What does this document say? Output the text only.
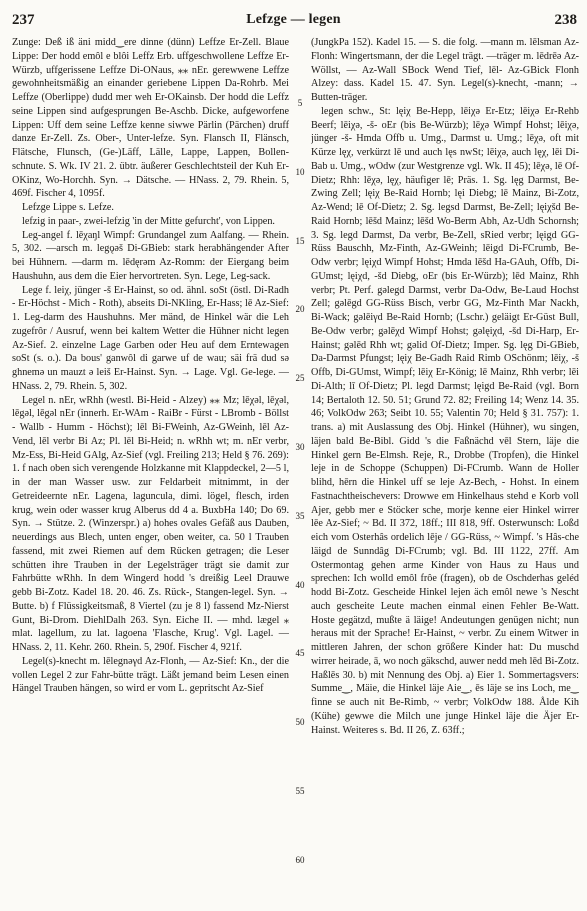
237	Lefzge — legen	238

Zunge: Deß iß äni midd‿ere dinne (dünn) Leffze Er-Zell. Blaue Lippe: Der hodd emôl e blôi Leffz Erb. uffgeschwollene Leffze Er-Würzb, uffgerissene Leffze Di-ONaus, ⁎⁎ nEr. gerewwene Leffze gewohnheitsmäßig an einander geriebene Lippen Da-Rohrb. Mei Leffze (Oberlippe) dudd mer weh Er-OKainsb. Der hodd die Leffz seine Lippen sind aufgesprungen Be-Aschb. Dicke, aufgeworfene Lippen: Uff dem seine Leffze kenne siwwe Pärlin (Pärchen) druff danze Er-Zell. Zs. Ober-, Unter-lefze. Syn. Flansch II, Flänsch, Flätsche, Flunsch, (Ge-)Läff, Lälle, Lappe, Lappen, Bollen-schnute. S. Wk. IV 21. 2. übtr. äußerer Geschlechtsteil der Kuh Er-OKinz, Wo-Horchh. Syn. → Dätsche. — HNass. 2, 79. Rhein. 5, 469f. Fischer 4, 1095f.

Lefzge Lippe s. Lefze.

lefzig in paar-, zwei-lefzig 'in der Mitte gefurcht', von Lippen.

Leg-angel f. lēχaŋl Wimpf: Grundangel zum Aalfang. — Rhein. 5, 302. —arsch m. legǫəš Di-GBieb: stark herabhängender After bei Hühnern. —darm m. lēdęrəm Az-Romm: der Eiergang beim Haushuhn, aus dem die Eier hervortreten. Syn. Lege, Leg-sack.

Lege f. leiχ, jünger -š Er-Hainst, so od. ähnl. soSt (östl. Di-Radh - Er-Höchst - Mich - Roth), abseits Di-NKling, Er-Hass; lē Az-Sief: 1. Leg-darm des Haushuhns. Mer mänd, de Hinkel wär die Leh zugefrôr / Ausruf, wenn bei kaltem Wetter die Hühner nicht legen Az-Sief. 2. einzelne Lage Garben oder Heu auf dem Erntewagen soSt (s. o.). Da bous' ganwôl di garwe uf de wau; säi frä dud sə ghnemə un mauzt ə leiš Er-Hainst. Syn. → Lage. Vgl. Ge-lege. — HNass. 2, 79. Rhein. 5, 302.

Legel n. nEr, wRhh (westl. Bi-Heid - Alzey) ⁎⁎ Mz; lēχəl, lēχəl, lēgəl, lēgəl nEr (innerh. Er-WAm - RaiBr - Fürst - LBromb - Böllst - Wallb - Humm - Höchst); lēl Bi-FWeinh, Az-GWeinh, lēl Az-Vend, lēl verbr Bi Az; Pl. lēl Bi-Heid; n. wRhh wt; m. nEr verbr, Mz-Ess, Bi-Heid GAlg, Az-Sief (vgl. Freiling 213; Held § 76. 269): 1. f nach oben sich verengende Holzkanne mit Klappdeckel, 2—5 l, in der man Wasser usw. zur Feldarbeit mitnimmt, in der Getreideernte nEr. Lagena, laguncula, dimi. lögel, flesch, irden krug, wein oder wasser krug Alberus dd 4 a. BuxbHa 140; Do 69. Syn. → Stütze. 2. (Winzerspr.) a) hohes ovales Gefäß aus Dauben, neuerdings aus Blech, unten enger, oben weiter, ca. 50 l Trauben fassend, mit zwei Riemen auf dem Rücken getragen; die Leser schütten ihre Trauben in der Legelsträger trägt sie damit zur Fahrbütte wRhh. In dem Wingerd hodd 's dreißig Leel Drauwe gebb Bi-Zotz. Kadel 18. 20. 46. Zs. Rück-, Stangen-legel. Syn. → Butte. b) f Flüssigkeitsmaß, 8 Viertel (zu je 8 l) fassend Mz-Nierst Gunt, Bi-Drom. DiehlDalh 263. Syn. Eiche II. — mhd. lægel ⁎ mlat. lagellum, zu lat. lagoena 'Flasche, Krug'. Vgl. Lagel. — HNass. 2, 11. Kehr. 260. Rhein. 5, 290f. Fischer 4, 921f.

Legel(s)-knecht m. lēlegnəγd Az-Flonh, — Az-Sief: Kn., der die vollen Legel 2 zur Fahr-bütte trägt. Läßt jemand beim Lesen einen Hängel Trauben hängen, so wird er vom L. gepritscht Az-Sief

5
10
15
20
25
30
35
40
45
50
55
60

(JungkPa 152). Kadel 15. — S. die folg. —mann m. lēlsman Az-Flonh: Wingertsmann, der die Legel trägt. —träger m. lēdrēə Az-Wöllst, — Az-Wall SBock Wend Tief, lēl- Az-GBick Flonh Alzey: dass. Kadel 15. 47. Syn. Legel(s)-knecht, -mann; → Butten-träger.

legen schw., St: lęiχ Be-Hepp, lēiχə Er-Etz; lēiχə Er-Rehb Beerf; lēiχə, -š- oEr (bis Be-Würzb); lēχə Wimpf Hohst; lēiχə, jünger -š- Hmda Offb u. Umg., Darmst u. Umg.; lēχə, oft mit Kürze lęχ, verkürzt lē und auch lęs nwSt; lēiχə, auch lęχ, lēi Di-Bab u. Umg., wOdw (zur Westgrenze vgl. Wk. II 45); lēχə, lē Of-Dietz; Rhh: lēχə, lęχ, häufiger lē; Präs. 1. Sg. lęg Darmst, Be-Zwing Zell; lęiχ Be-Raid Hornb; lęi Diebg; lē Mainz, Bi-Zotz, Az-Wend; lē Of-Dietz; 2. Sg. legsd Darmst, Be-Zell; lęiχšd Be-Raid Hornb; lēšd Mainz; lēšd Wo-Berm Abh, Az-Udh Schornsh; 3. Sg. legd Darmst, Da verbr, Be-Zell, sRied verbr; lęigd GG-Rüss Bauschh, Mz-Finth, Az-GWeinh; lēigd Di-FCrumb, Be-Odw verbr; lęiχd Wimpf Hohst; Hmda lēšd Ha-GAuh, Offb, Di-GUmst; lęiχd, -šd Diebg, oEr (bis Er-Würzb); lēd Mainz, Rhh verbr; Pt. Perf. gəlegd Darmst, verbr Da-Odw, Be-Laud Hochst Zell; gəlēgd GG-Rüss Bisch, verbr GG, Mz-Finth Mar Nackh, Bi-Wack; gəlēiγd Be-Raid Hornb; (Lschr.) geläigt Er-Güst Bull, Be-Odw verbr; gəlēχd Wimpf Hohst; gəlęiχd, -šd Di-Harp, Er-Hainst; gəlēd Rhh wt; gəlid Of-Dietz; Imper. Sg. lęg Di-GBieb, Da-Darmst Pfungst; lęiχ Be-Gadh Raid Rimb OSchönm; lēiχ, -š Offb, Di-GUmst, Wimpf; lēiχ Er-König; lē Mainz, Rhh verbr; lēi Di-Alth; lī Of-Dietz; Pl. legd Darmst; lęigd Be-Raid (vgl. Born 14; Bertaloth 12. 50. 51; Grund 72. 82; Freiling 14; Wenz 14. 35. 46; VolkOdw 263; Seibt 10. 55; Valentin 70; Held § 31. 757): 1. trans. a) mit Auslassung des Obj. Hinkel (Hühner), wu singen, läjen bald Be-Bibl. Gidd 's die Faßnächd vēl Stern, läje die Hinkel gern Be-Elmsh. Reje, R., Drobbe (Tropfen), die Hinkel leje in de Schoppe (Schuppen) Di-FCrumb. Wann de Holler blihd, hērn die Hinkel uff se leje Az-Bech, - Hohst. In einem Fastnachtheischevers: Drowwe em Hinkelhaus stehd e Korb voll Ajer, gebb mer e Stöcker sche, morje kenne eier Hinkel wirrer lēe Az-Sief; ~ Bd. II 372, 18ff.; III 818, 9ff. Osterwunsch: Loßd eich vom Osterhâs ordelich lēje / GG-Rüss, ~ Wimpf. 's Hâs-che läigd de Sunndâg Di-FCrumb; vgl. Bd. III 1122, 27ff. Am Ostermontag gehen arme Kinder von Haus zu Haus und sprechen: Ich wolld emôl frôe (fragen), ob de Oschderhas geléd hodd Bi-Zotz. Gescheide Hinkel lejen äch emôl newe 's Nescht auch gescheite Leute machen einmal einen Fehler Be-Watt. Hoste gegätzd, mußte ä läige! Andeutungen genügen nicht; nun heraus mit der Sprache! Er-Hainst, ~ verbr. Zu einem Witwer in mittleren Jahren, der schon größere Kinder hat: Du muschd wirrer heirade, ā, wo noch gäkschd, auwer nedd meh lēd Bi-Zotz. Haßlēs 30. b) mit Nennung des Obj. a) Eier 1. Sommertagsvers: Summe‿, Mäie, die Hinkel läje Aie‿, ēs läje se ins Loch, me‿ finne se auch nit Be-Rimb, ~ verbr; VolkOdw 188. Ålde Kih (Kühe) gewwe die Milch une junge Hinkel läje die Äjer Er-Hainst. Weiteres s. Bd. II 26, Z. 63ff.;
